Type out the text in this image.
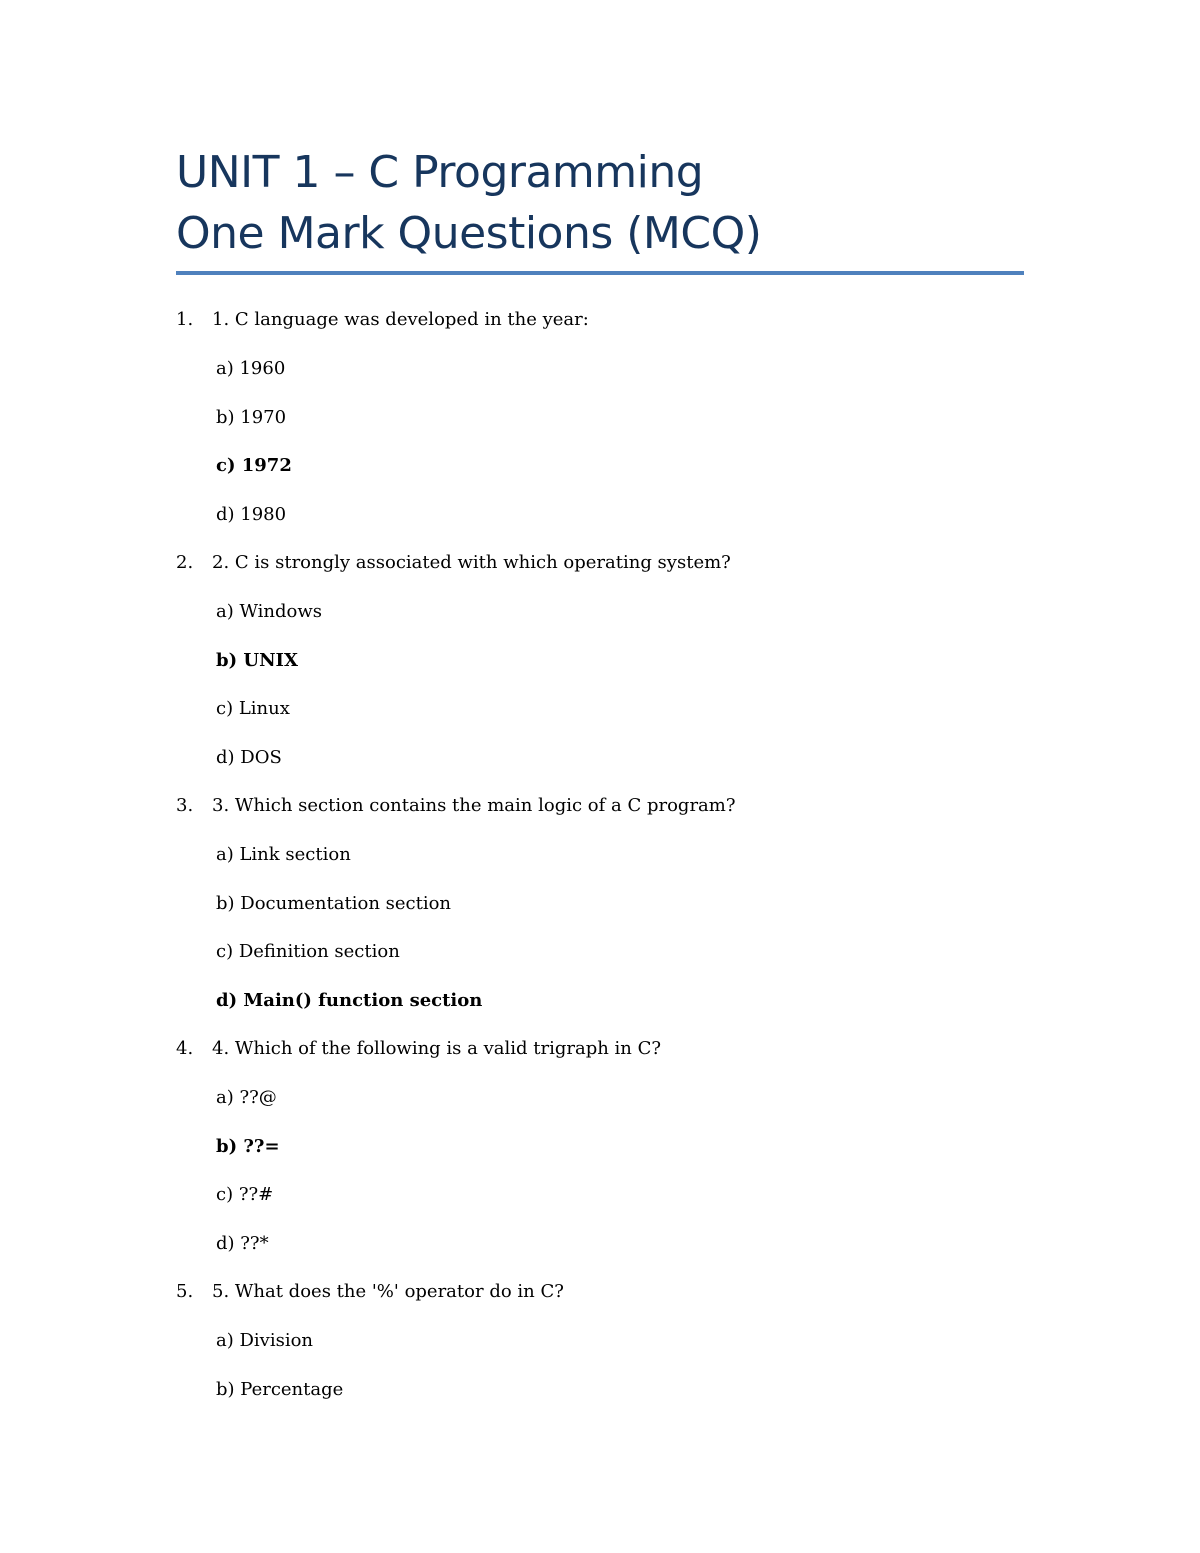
UNIT 1 – C Programming
One Mark Questions (MCQ)
1. 1. C language was developed in the year:
a) 1960
b) 1970
c) 1972
d) 1980
2. 2. C is strongly associated with which operating system?
a) Windows
b) UNIX
c) Linux
d) DOS
3. 3. Which section contains the main logic of a C program?
a) Link section
b) Documentation section
c) Definition section
d) Main() function section
4. 4. Which of the following is a valid trigraph in C?
a) ??@
b) ??=
c) ??#
d) ??*
5. 5. What does the '%' operator do in C?
a) Division
b) Percentage
